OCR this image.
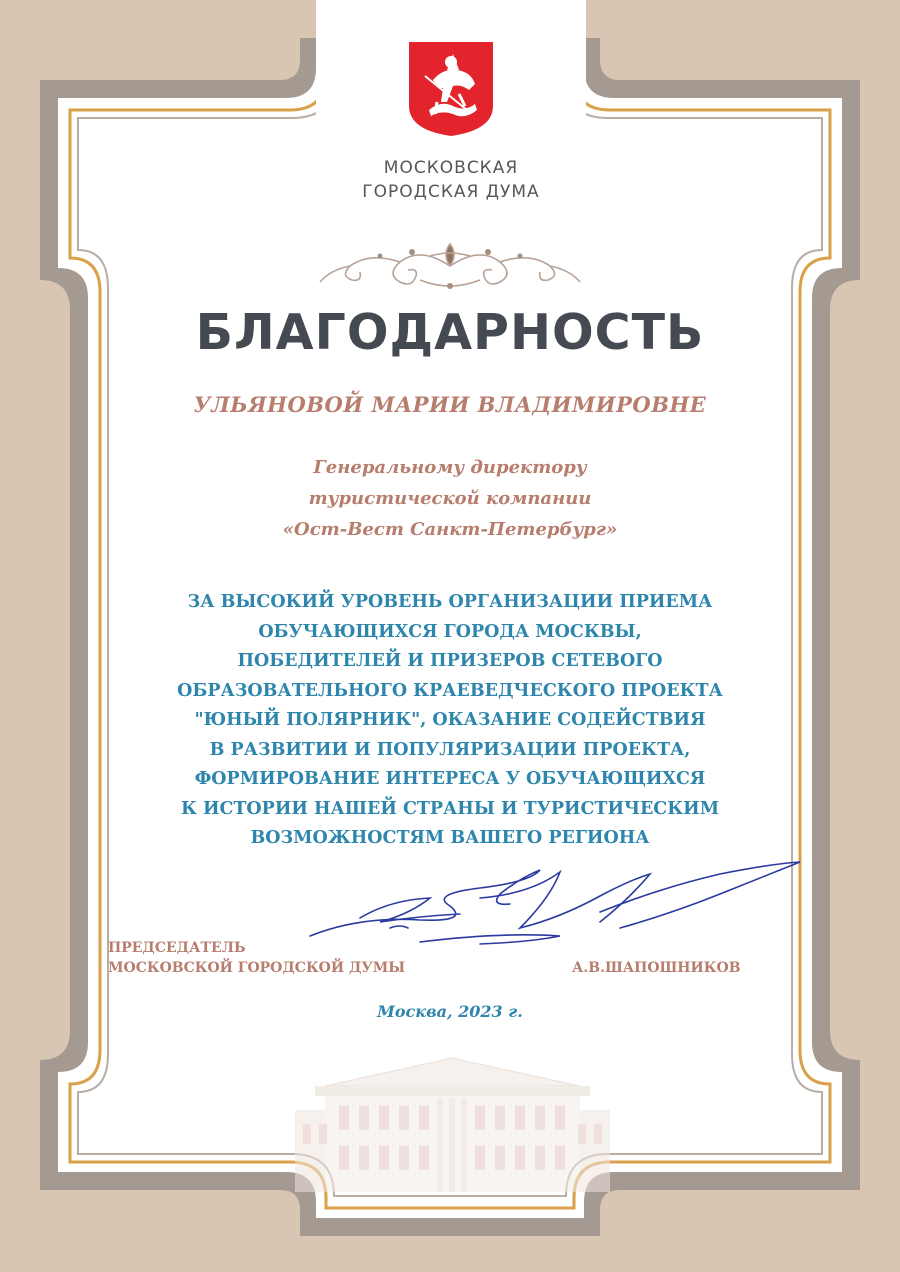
МОСКОВСКАЯ
ГОРОДСКАЯ ДУМА
БЛАГОДАРНОСТЬ
УЛЬЯНОВОЙ МАРИИ ВЛАДИМИРОВНЕ
Генеральному директору
туристической компании
«Ост-Вест Санкт-Петербург»
ЗА ВЫСОКИЙ УРОВЕНЬ ОРГАНИЗАЦИИ ПРИЕМА
ОБУЧАЮЩИХСЯ ГОРОДА МОСКВЫ,
ПОБЕДИТЕЛЕЙ И ПРИЗЕРОВ СЕТЕВОГО
ОБРАЗОВАТЕЛЬНОГО КРАЕВЕДЧЕСКОГО ПРОЕКТА
"ЮНЫЙ ПОЛЯРНИК", ОКАЗАНИЕ СОДЕЙСТВИЯ
В РАЗВИТИИ И ПОПУЛЯРИЗАЦИИ ПРОЕКТА,
ФОРМИРОВАНИЕ ИНТЕРЕСА У ОБУЧАЮЩИХСЯ
К ИСТОРИИ НАШЕЙ СТРАНЫ И ТУРИСТИЧЕСКИМ
ВОЗМОЖНОСТЯМ ВАШЕГО РЕГИОНА
ПРЕДСЕДАТЕЛЬ
МОСКОВСКОЙ ГОРОДСКОЙ ДУМЫ	А.В.ШАПОШНИКОВ
Москва, 2023 г.
